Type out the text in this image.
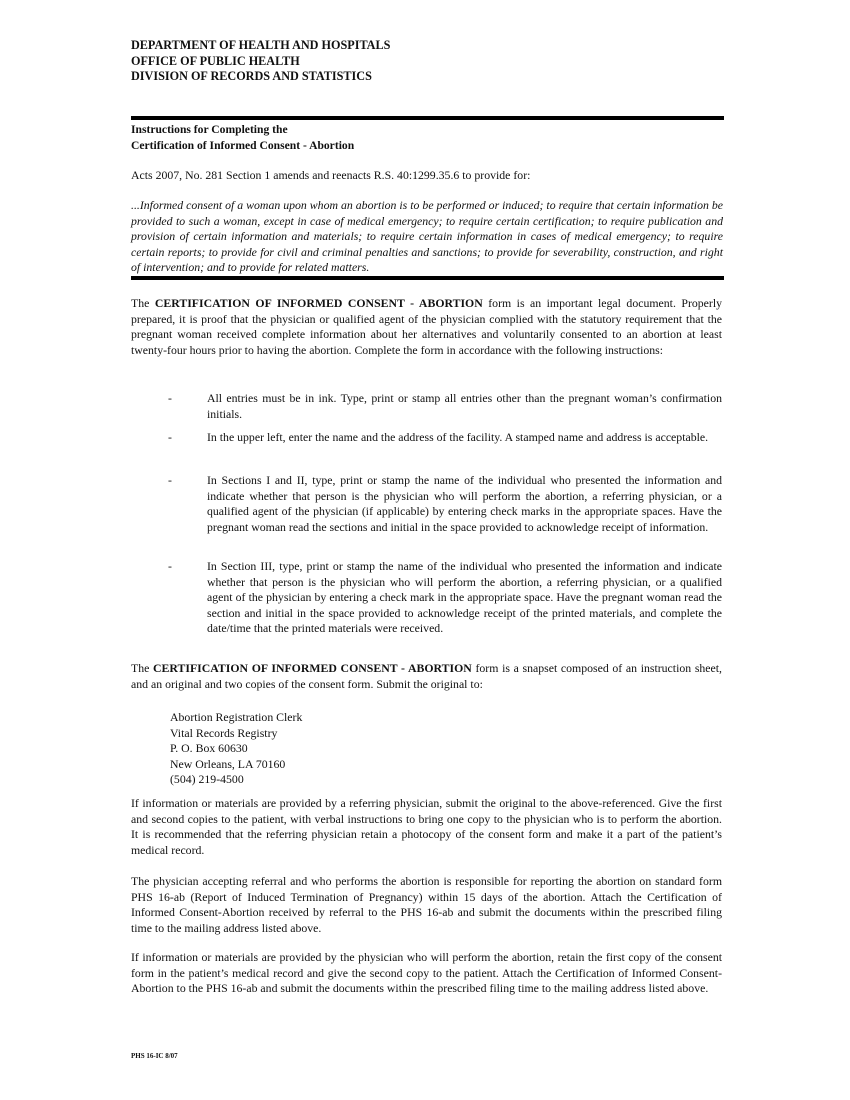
DEPARTMENT OF HEALTH AND HOSPITALS

OFFICE OF PUBLIC HEALTH

DIVISION OF RECORDS AND STATISTICS

Instructions for Completing the
Certification of Informed Consent - Abortion
Acts 2007, No. 281 Section 1 amends and reenacts R.S. 40:1299.35.6 to provide for:

...Informed consent of a woman upon whom an abortion is to be performed or induced; to require that certain information be provided to such a woman, except in case of medical emergency; to require certain certification; to require publication and provision of certain information and materials; to require certain information in cases of medical emergency; to require certain reports; to provide for civil and criminal penalties and sanctions; to provide for severability, construction, and right of intervention; and to provide for related matters.

The CERTIFICATION OF INFORMED CONSENT - ABORTION form is an important legal document. Properly prepared, it is proof that the physician or qualified agent of the physician complied with the statutory requirement that the pregnant woman received complete information about her alternatives and voluntarily consented to an abortion at least twenty-four hours prior to having the abortion. Complete the form in accordance with the following instructions:

-	All entries must be in ink. Type, print or stamp all entries other than the pregnant woman’s confirmation initials.
-	In the upper left, enter the name and the address of the facility. A stamped name and address is acceptable.
-	In Sections I and II, type, print or stamp the name of the individual who presented the information and indicate whether that person is the physician who will perform the abortion, a referring physician, or a qualified agent of the physician (if applicable) by entering check marks in the appropriate spaces. Have the pregnant woman read the sections and initial in the space provided to acknowledge receipt of information.
-	In Section III, type, print or stamp the name of the individual who presented the information and indicate whether that person is the physician who will perform the abortion, a referring physician, or a qualified agent of the physician by entering a check mark in the appropriate space. Have the pregnant woman read the section and initial in the space provided to acknowledge receipt of the printed materials, and complete the date/time that the printed materials were received.

The CERTIFICATION OF INFORMED CONSENT - ABORTION form is a snapset composed of an instruction sheet, and an original and two copies of the consent form. Submit the original to:

Abortion Registration Clerk
Vital Records Registry
P. O. Box 60630
New Orleans, LA 70160
(504) 219-4500

If information or materials are provided by a referring physician, submit the original to the above-referenced. Give the first and second copies to the patient, with verbal instructions to bring one copy to the physician who is to perform the abortion. It is recommended that the referring physician retain a photocopy of the consent form and make it a part of the patient’s medical record.

The physician accepting referral and who performs the abortion is responsible for reporting the abortion on standard form PHS 16-ab (Report of Induced Termination of Pregnancy) within 15 days of the abortion. Attach the Certification of Informed Consent-Abortion received by referral to the PHS 16-ab and submit the documents within the prescribed filing time to the mailing address listed above.

If information or materials are provided by the physician who will perform the abortion, retain the first copy of the consent form in the patient’s medical record and give the second copy to the patient. Attach the Certification of Informed Consent-Abortion to the PHS 16-ab and submit the documents within the prescribed filing time to the mailing address listed above.

PHS 16-IC 8/07
